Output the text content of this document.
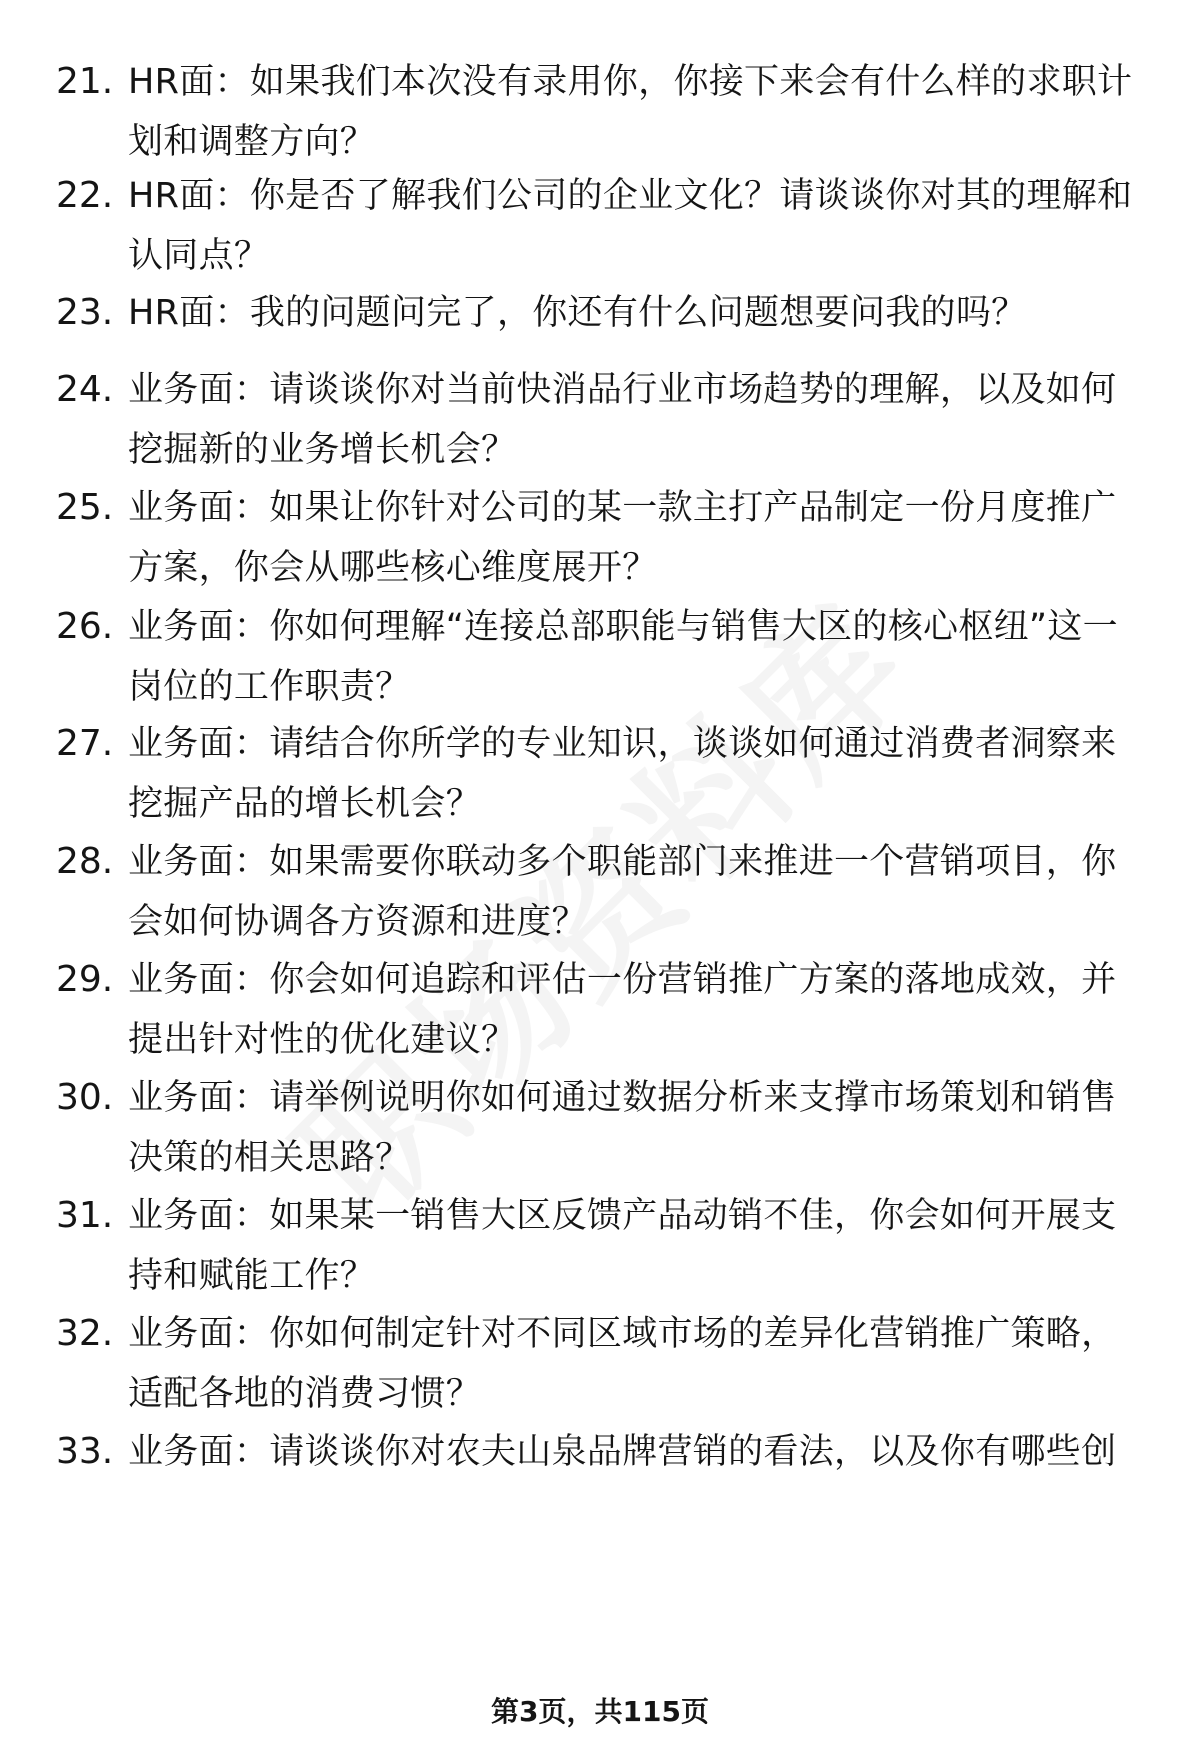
21. HR面：如果我们本次没有录用你，你接下来会有什么样的求职计划和调整方向？
22. HR面：你是否了解我们公司的企业文化？请谈谈你对其的理解和认同点？
23. HR面：我的问题问完了，你还有什么问题想要问我的吗？
24. 业务面：请谈谈你对当前快消品行业市场趋势的理解，以及如何挖掘新的业务增长机会？
25. 业务面：如果让你针对公司的某一款主打产品制定一份月度推广方案，你会从哪些核心维度展开？
26. 业务面：你如何理解“连接总部职能与销售大区的核心枢纽”这一岗位的工作职责？
27. 业务面：请结合你所学的专业知识，谈谈如何通过消费者洞察来挖掘产品的增长机会？
28. 业务面：如果需要你联动多个职能部门来推进一个营销项目，你会如何协调各方资源和进度？
29. 业务面：你会如何追踪和评估一份营销推广方案的落地成效，并提出针对性的优化建议？
30. 业务面：请举例说明你如何通过数据分析来支撑市场策划和销售决策的相关思路？
31. 业务面：如果某一销售大区反馈产品动销不佳，你会如何开展支持和赋能工作？
32. 业务面：你如何制定针对不同区域市场的差异化营销推广策略，适配各地的消费习惯？
33. 业务面：请谈谈你对农夫山泉品牌营销的看法，以及你有哪些创
第3页，共115页
